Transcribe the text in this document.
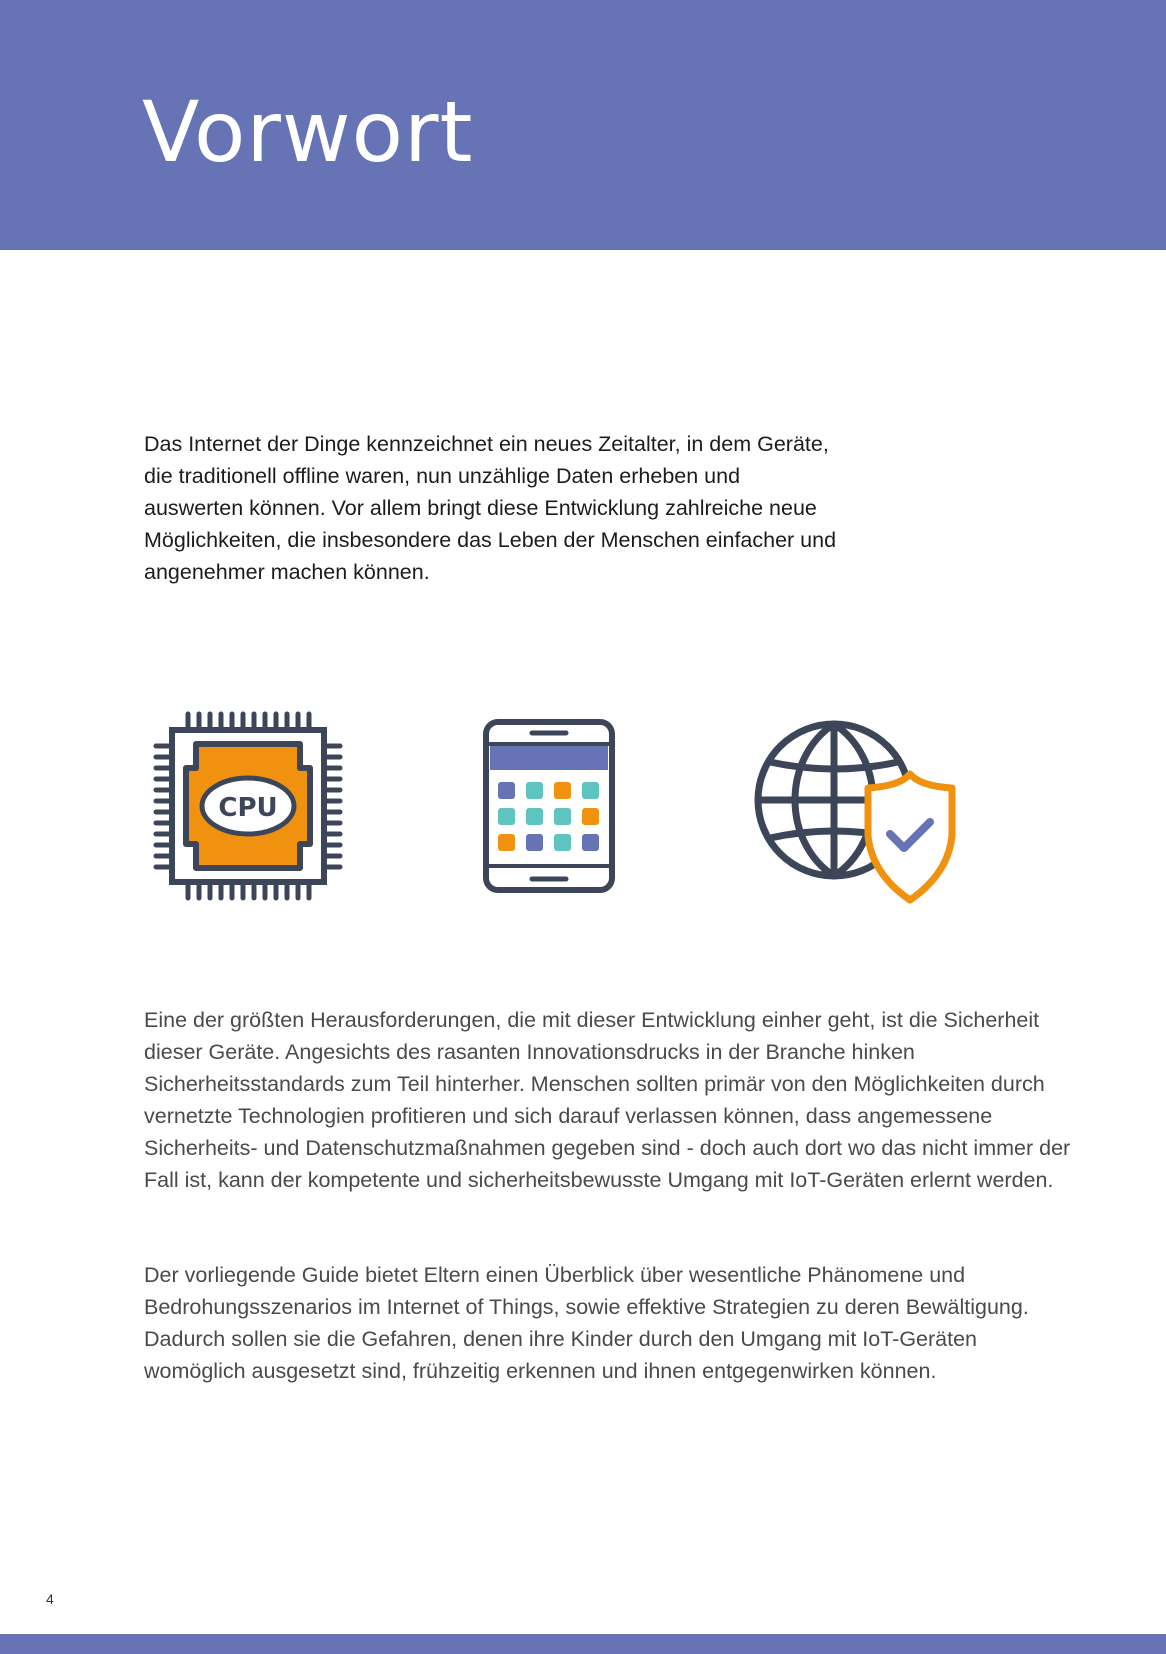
Vorwort

Das Internet der Dinge kennzeichnet ein neues Zeitalter, in dem Geräte, die traditionell offline waren, nun unzählige Daten erheben und auswerten können. Vor allem bringt diese Entwicklung zahlreiche neue Möglichkeiten, die insbesondere das Leben der Menschen einfacher und angenehmer machen können.

CPU

Eine der größten Herausforderungen, die mit dieser Entwicklung einher geht, ist die Sicherheit dieser Geräte. Angesichts des rasanten Innovationsdrucks in der Branche hinken Sicherheitsstandards zum Teil hinterher. Menschen sollten primär von den Möglichkeiten durch vernetzte Technologien profitieren und sich darauf verlassen können, dass angemessene Sicherheits- und Datenschutzmaßnahmen gegeben sind - doch auch dort wo das nicht immer der Fall ist, kann der kompetente und sicherheitsbewusste Umgang mit IoT-Geräten erlernt werden.

Der vorliegende Guide bietet Eltern einen Überblick über wesentliche Phänomene und Bedrohungsszenarios im Internet of Things, sowie effektive Strategien zu deren Bewältigung. Dadurch sollen sie die Gefahren, denen ihre Kinder durch den Umgang mit IoT-Geräten womöglich ausgesetzt sind, frühzeitig erkennen und ihnen entgegenwirken können.

4
